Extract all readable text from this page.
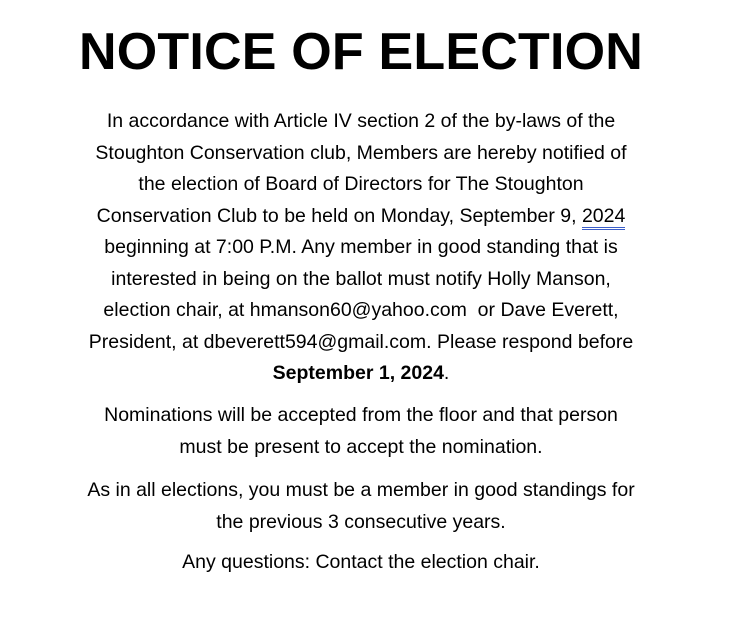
NOTICE OF ELECTION

In accordance with Article IV section 2 of the by-laws of the
Stoughton Conservation club, Members are hereby notified of
the election of Board of Directors for The Stoughton
Conservation Club to be held on Monday, September 9, 2024
beginning at 7:00 P.M. Any member in good standing that is
interested in being on the ballot must notify Holly Manson,
election chair, at hmanson60@yahoo.com  or Dave Everett,
President, at dbeverett594@gmail.com. Please respond before
September 1, 2024.

Nominations will be accepted from the floor and that person
must be present to accept the nomination.

As in all elections, you must be a member in good standings for
the previous 3 consecutive years.

Any questions: Contact the election chair.
